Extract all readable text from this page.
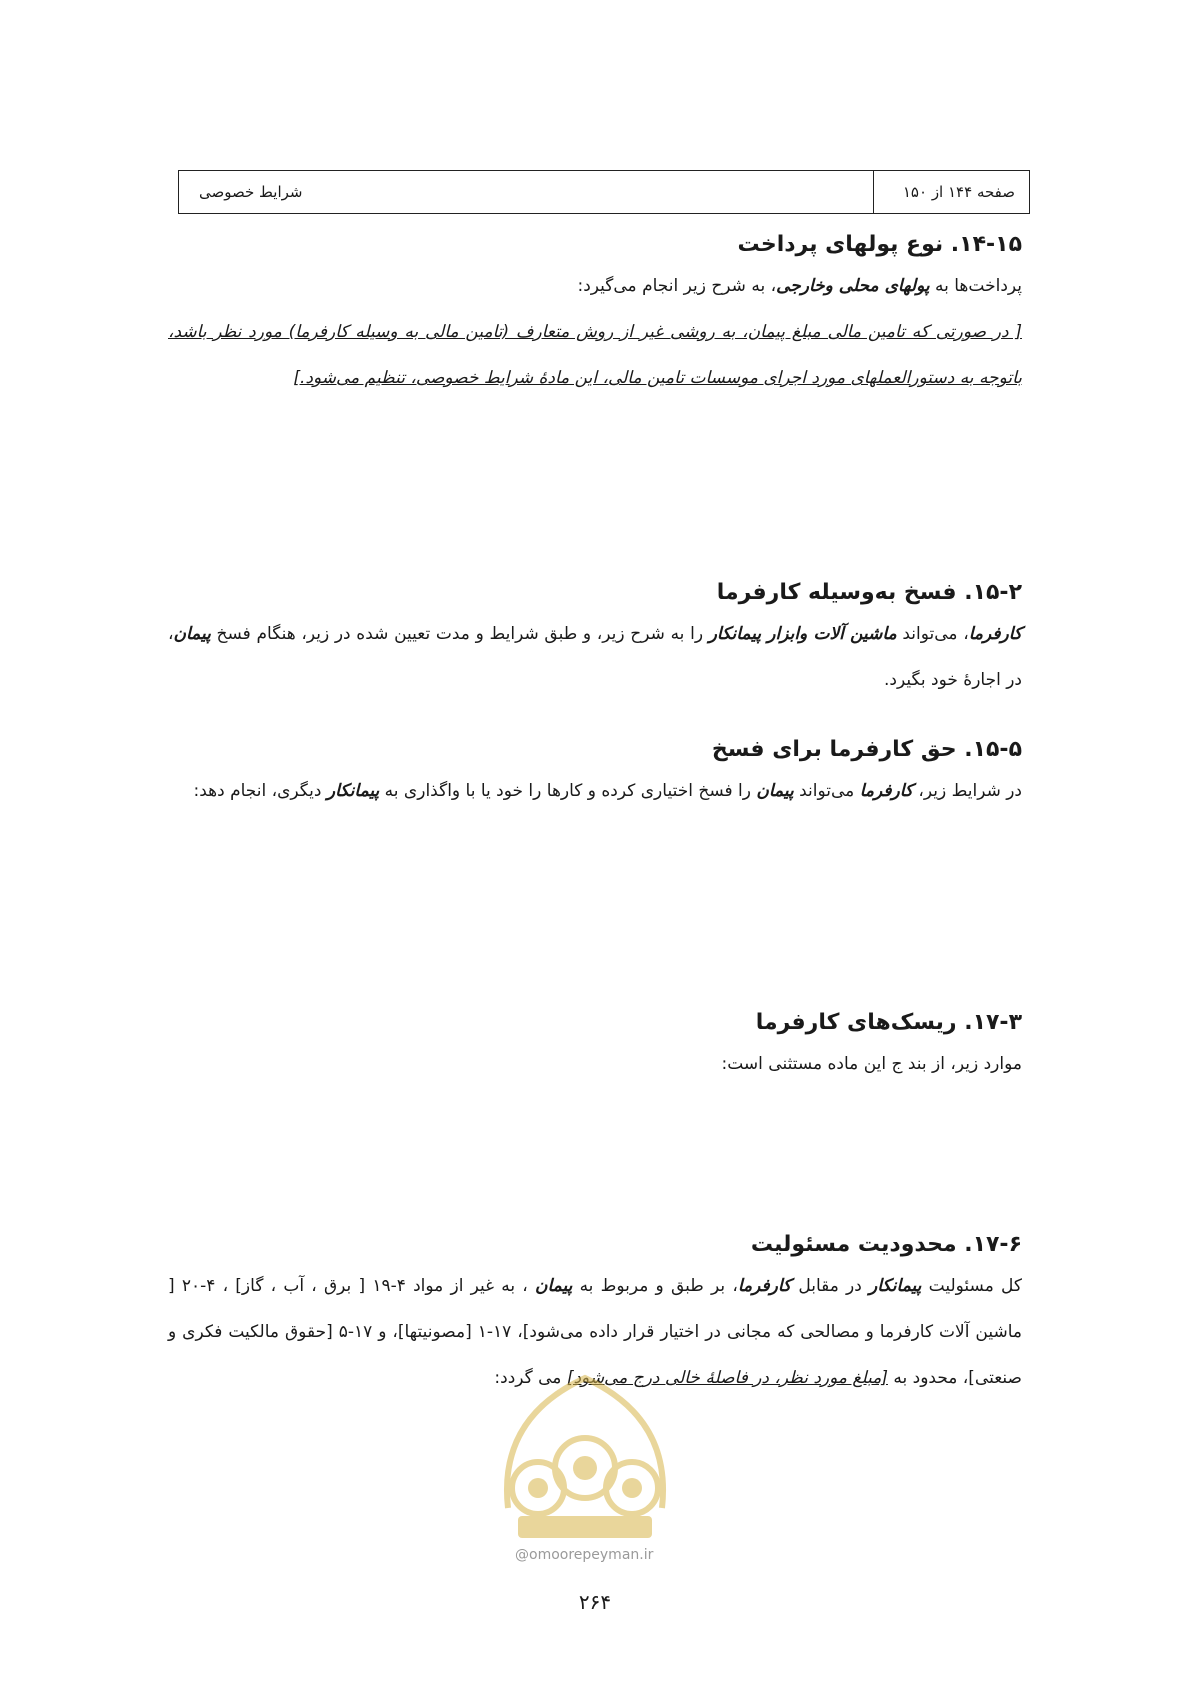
صفحه ۱۴۴ از ۱۵۰
شرایط خصوصی
۱۴-۱۵. نوع پولهای پرداخت

پرداخت‌ها به پولهای محلی وخارجی، به شرح زیر انجام می‌گیرد:

[ در صورتی که تامین مالی مبلغ پیمان، به روشی غیر از روش متعارف (تامین مالی به وسیله کارفرما) مورد نظر باشد، باتوجه به دستورالعملهای مورد اجرای موسسات تامین مالی، این مادهٔ شرایط خصوصی، تنظیم می‌شود.]

۱۵-۲. فسخ به‌وسیله کارفرما

کارفرما، می‌تواند ماشین آلات وابزار پیمانکار را به شرح زیر، و طبق شرایط و مدت تعیین شده در زیر، هنگام فسخ پیمان، در اجارهٔ خود بگیرد.

۱۵-۵. حق کارفرما برای فسخ

در شرایط زیر، کارفرما می‌تواند پیمان را فسخ اختیاری کرده و کارها را خود یا با واگذاری به پیمانکار دیگری، انجام دهد:

۱۷-۳. ریسک‌های کارفرما

موارد زیر، از بند ج این ماده مستثنی است:

۱۷-۶. محدودیت مسئولیت

کل مسئولیت پیمانکار در مقابل کارفرما، بر طبق و مربوط به پیمان ، به غیر از مواد ۴-۱۹ [ برق ، آب ، گاز] ، ۴-۲۰ [ ماشین آلات کارفرما و مصالحی که مجانی در اختیار قرار داده می‌شود]، ۱۷-۱ [مصونیتها]، و ۱۷-۵ [حقوق مالکیت فکری و صنعتی]، محدود به [مبلغ مورد نظر، در فاصلهٔ خالی درج می‌شود] می گردد:

@omoorepeyman.ir
۲۶۴
